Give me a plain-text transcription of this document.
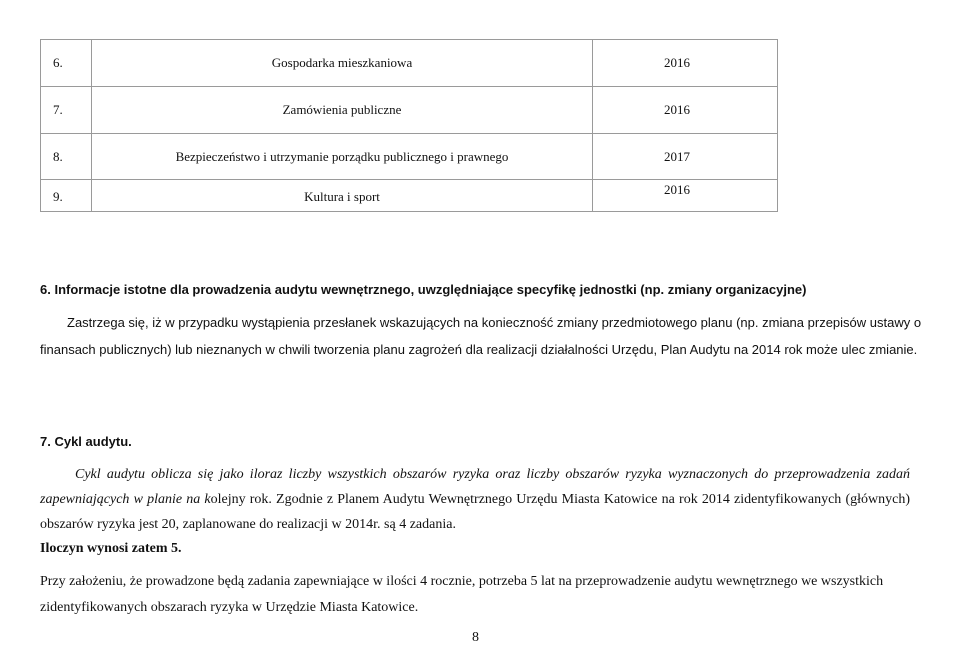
6.	Gospodarka mieszkaniowa	2016
7.	Zamówienia publiczne	2016
8.	Bezpieczeństwo i utrzymanie porządku publicznego i prawnego	2017
9.	Kultura i sport	2016
6. Informacje istotne dla prowadzenia audytu wewnętrznego, uwzględniające specyfikę jednostki (np. zmiany organizacyjne)
Zastrzega się, iż w przypadku wystąpienia przesłanek wskazujących na konieczność zmiany przedmiotowego planu (np. zmiana przepisów ustawy o finansach publicznych) lub nieznanych w chwili tworzenia planu zagrożeń dla realizacji działalności Urzędu, Plan Audytu na 2014 rok może ulec zmianie.
7. Cykl audytu.
Cykl audytu oblicza się jako iloraz liczby wszystkich obszarów ryzyka oraz liczby obszarów ryzyka wyznaczonych do przeprowadzenia zadań zapewniających w planie na kolejny rok. Zgodnie z Planem Audytu Wewnętrznego Urzędu Miasta Katowice na rok 2014 zidentyfikowanych (głównych) obszarów ryzyka jest 20, zaplanowane do realizacji w 2014r. są 4 zadania.
Iloczyn wynosi zatem 5.
Przy założeniu, że prowadzone będą zadania zapewniające w ilości 4 rocznie, potrzeba 5 lat na przeprowadzenie audytu wewnętrznego we wszystkich zidentyfikowanych obszarach ryzyka w Urzędzie Miasta Katowice.
8
